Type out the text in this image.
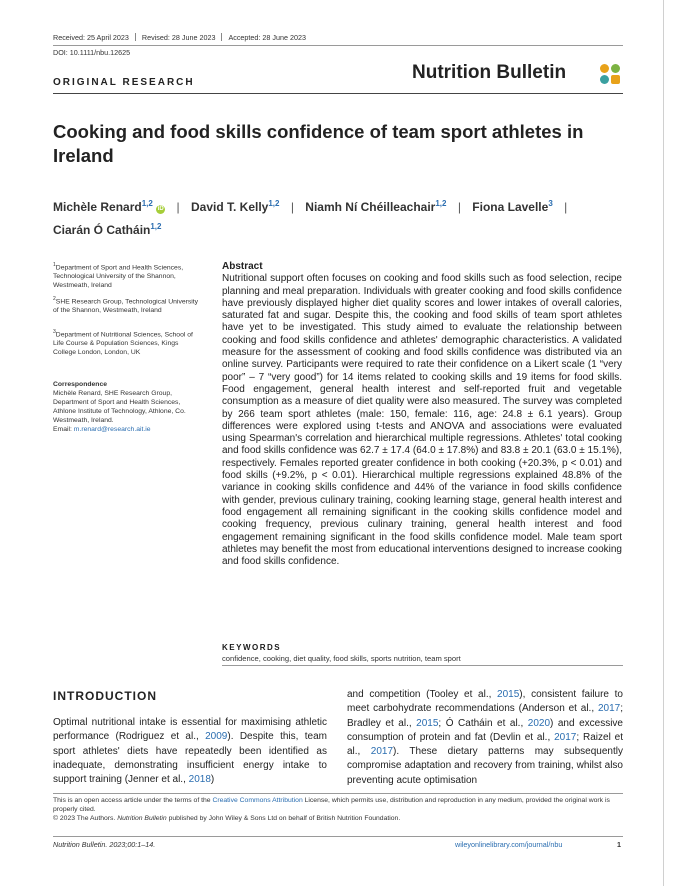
Received: 25 April 2023 Revised: 28 June 2023 Accepted: 28 June 2023
DOI: 10.1111/nbu.12625
ORIGINAL RESEARCH	Nutrition Bulletin
Cooking and food skills confidence of team sport athletes in Ireland
Michèle Renard$^{1,2}$ iD | David T. Kelly$^{1,2}$ | Niamh Ní Chéilleachair$^{1,2}$ | Fiona Lavelle$^3$ |
Ciarán Ó Catháin$^{1,2}$
$^1$Department of Sport and Health Sciences, Technological University of the Shannon, Westmeath, Ireland
$^2$SHE Research Group, Technological University of the Shannon, Westmeath, Ireland
$^3$Department of Nutritional Sciences, School of Life Course & Population Sciences, Kings College London, London, UK
Correspondence
Michèle Renard, SHE Research Group, Department of Sport and Health Sciences, Athlone Institute of Technology, Athlone, Co. Westmeath, Ireland.
Email: m.renard@research.ait.ie
Abstract
Nutritional support often focuses on cooking and food skills such as food selection, recipe planning and meal preparation. Individuals with greater cooking and food skills confidence have previously displayed higher diet quality scores and lower intakes of overall calories, saturated fat and sugar. Despite this, the cooking and food skills of team sport athletes have yet to be investigated. This study aimed to evaluate the relationship between cooking and food skills confidence and athletes' demographic characteristics. A validated measure for the assessment of cooking and food skills confidence was distributed via an online survey. Participants were required to rate their confidence on a Likert scale (1 “very poor” – 7 “very good”) for 14 items related to cooking skills and 19 items for food skills. Food engagement, general health interest and self-reported fruit and vegetable consumption as a measure of diet quality were also measured. The survey was completed by 266 team sport athletes (male: 150, female: 116, age: 24.8 ± 6.1 years). Group differences were explored using t-tests and ANOVA and associations were evaluated using Spearman's correlation and hierarchical multiple regressions. Athletes' total cooking and food skills confidence was 62.7 ± 17.4 (64.0 ± 17.8%) and 83.8 ± 20.1 (63.0 ± 15.1%), respectively. Females reported greater confidence in both cooking (+20.3%, p < 0.01) and food skills (+9.2%, p < 0.01). Hierarchical multiple regressions explained 48.8% of the variance in cooking skills confidence and 44% of the variance in food skills confidence with gender, previous culinary training, cooking learning stage, general health interest and food engagement all remaining significant in the cooking skills confidence model and cooking frequency, previous culinary training, general health interest and food engagement remaining significant in the food skills confidence model. Male team sport athletes may benefit the most from educational interventions designed to increase cooking and food skills confidence.
KEYWORDS
confidence, cooking, diet quality, food skills, sports nutrition, team sport
INTRODUCTION
Optimal nutritional intake is essential for maximising athletic performance (Rodriguez et al., 2009). Despite this, team sport athletes' diets have repeatedly been identified as inadequate, demonstrating insufficient energy intake to support training (Jenner et al., 2018)
and competition (Tooley et al., 2015), consistent failure to meet carbohydrate recommendations (Anderson et al., 2017; Bradley et al., 2015; Ó Catháin et al., 2020) and excessive consumption of protein and fat (Devlin et al., 2017; Raizel et al., 2017). These dietary patterns may subsequently compromise adaptation and recovery from training, whilst also preventing acute optimisation
This is an open access article under the terms of the Creative Commons Attribution License, which permits use, distribution and reproduction in any medium, provided the original work is properly cited.
© 2023 The Authors. Nutrition Bulletin published by John Wiley & Sons Ltd on behalf of British Nutrition Foundation.
Nutrition Bulletin. 2023;00:1–14.	wileyonlinelibrary.com/journal/nbu	1
